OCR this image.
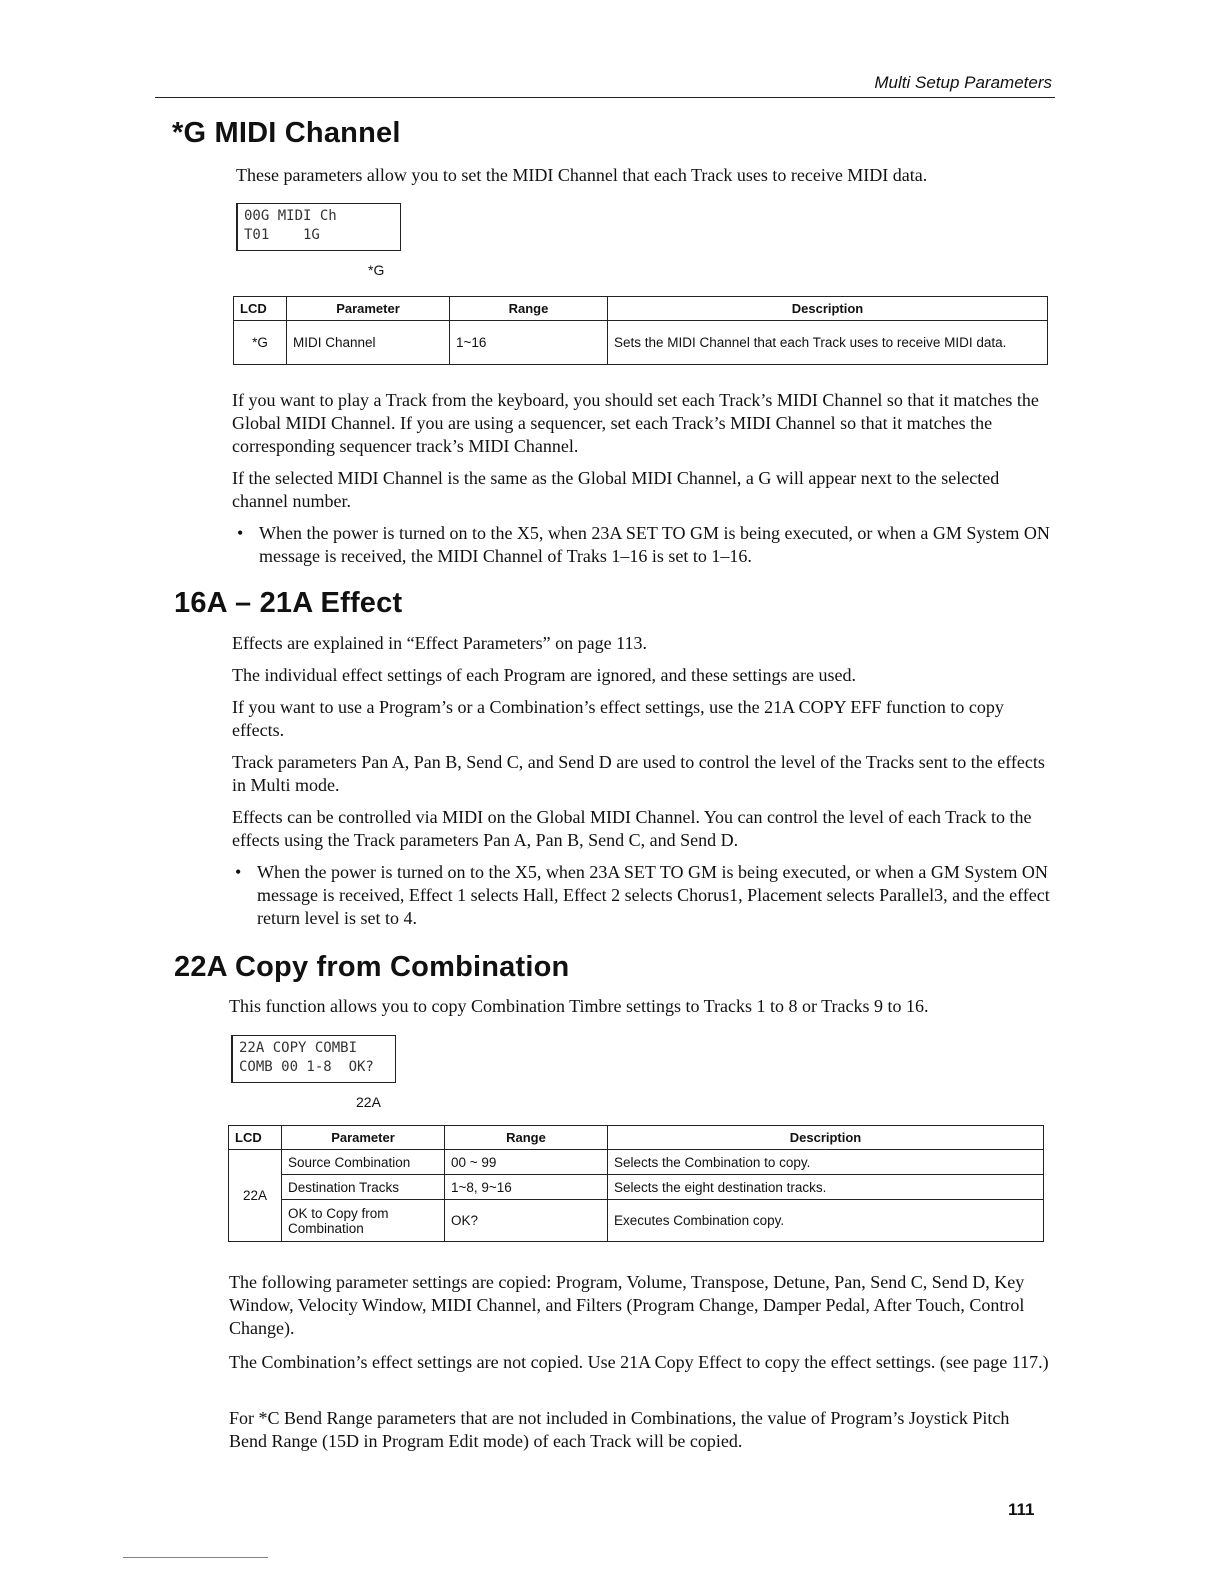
Multi Setup Parameters
*G MIDI Channel

These parameters allow you to set the MIDI Channel that each Track uses to receive MIDI data.

00G MIDI Ch
T01    1G
*G
LCD	Parameter	Range	Description
*G	MIDI Channel	1~16	Sets the MIDI Channel that each Track uses to receive MIDI data.

If you want to play a Track from the keyboard, you should set each Track’s MIDI Channel so that it matches the Global MIDI Channel. If you are using a sequencer, set each Track’s MIDI Channel so that it matches the corresponding sequencer track’s MIDI Channel.

If the selected MIDI Channel is the same as the Global MIDI Channel, a G will appear next to the selected channel number.

• When the power is turned on to the X5, when 23A SET TO GM is being executed, or when a GM System ON message is received, the MIDI Channel of Traks 1–16 is set to 1–16.
16A – 21A Effect

Effects are explained in “Effect Parameters” on page 113.

The individual effect settings of each Program are ignored, and these settings are used.

If you want to use a Program’s or a Combination’s effect settings, use the 21A COPY EFF function to copy effects.

Track parameters Pan A, Pan B, Send C, and Send D are used to control the level of the Tracks sent to the effects in Multi mode.

Effects can be controlled via MIDI on the Global MIDI Channel. You can control the level of each Track to the effects using the Track parameters Pan A, Pan B, Send C, and Send D.

• When the power is turned on to the X5, when 23A SET TO GM is being executed, or when a GM System ON message is received, Effect 1 selects Hall, Effect 2 selects Chorus1, Placement selects Parallel3, and the effect return level is set to 4.
22A Copy from Combination

This function allows you to copy Combination Timbre settings to Tracks 1 to 8 or Tracks 9 to 16.

22A COPY COMBI
COMB 00 1-8  OK?
22A
LCD	Parameter	Range	Description
22A	Source Combination	00 ~ 99	Selects the Combination to copy.
	Destination Tracks	1~8, 9~16	Selects the eight destination tracks.
	OK to Copy from Combination	OK?	Executes Combination copy.

The following parameter settings are copied: Program, Volume, Transpose, Detune, Pan, Send C, Send D, Key Window, Velocity Window, MIDI Channel, and Filters (Program Change, Damper Pedal, After Touch, Control Change).

The Combination’s effect settings are not copied. Use 21A Copy Effect to copy the effect settings. (see page 117.)

For *C Bend Range parameters that are not included in Combinations, the value of Program’s Joystick Pitch Bend Range (15D in Program Edit mode) of each Track will be copied.

111
